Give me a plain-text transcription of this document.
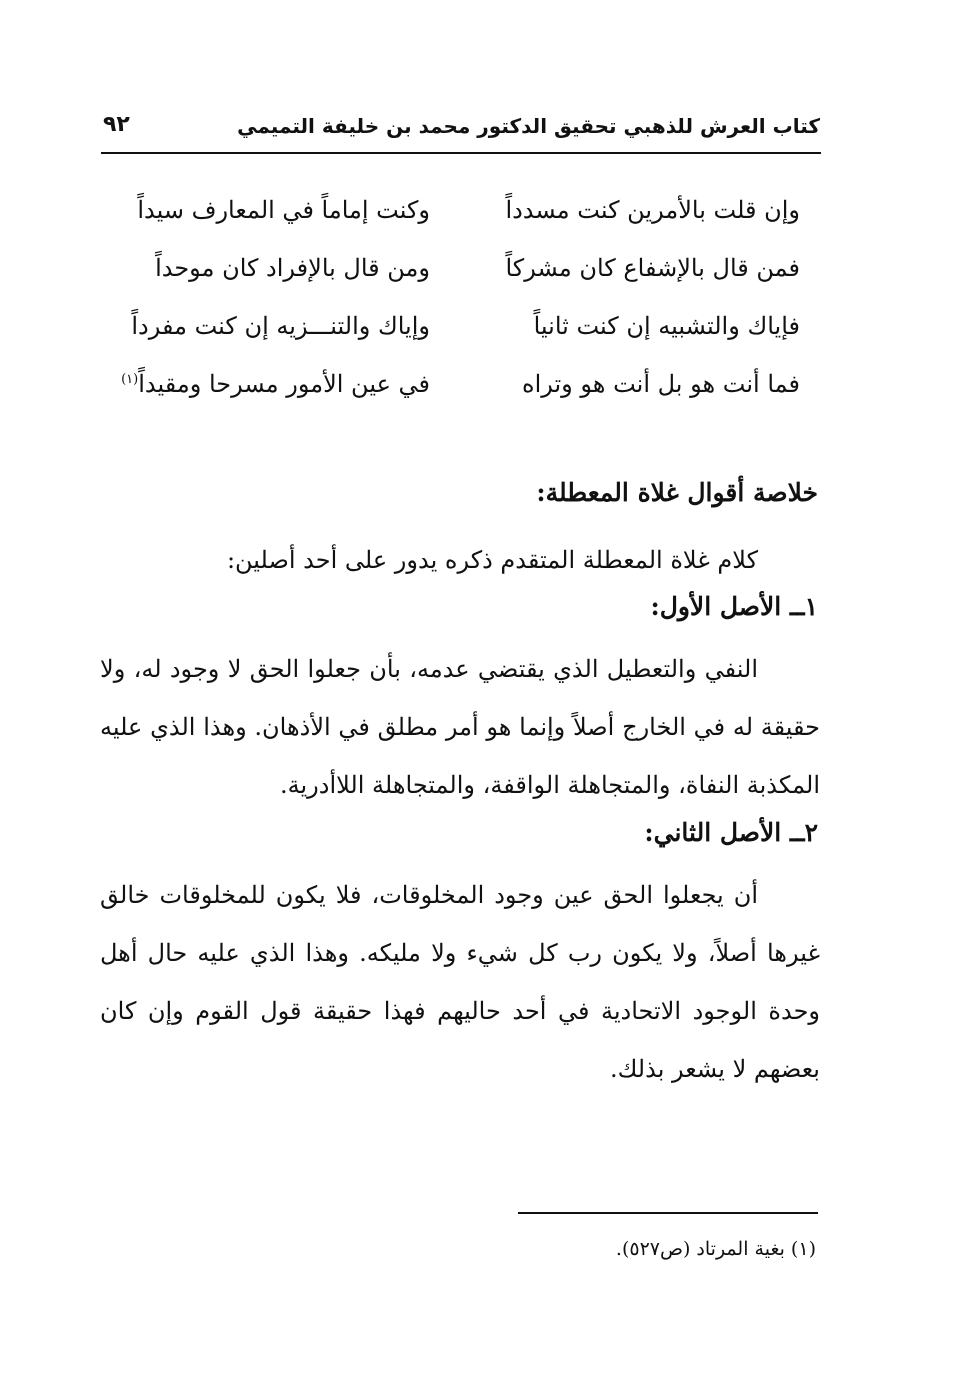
كتاب العرش للذهبي تحقيق الدكتور محمد بن خليفة التميمي
٩٢
وإن قلت بالأمرين كنت مسدداً
وكنت إماماً في المعارف سيداً
فمن قال بالإشفاع كان مشركاً
ومن قال بالإفراد كان موحداً
فإياك والتشبيه إن كنت ثانياً
وإياك والتنـــزيه إن كنت مفرداً
فما أنت هو بل أنت هو وتراه
في عين الأمور مسرحا ومقيداً$^{(١)}$
خلاصة أقوال غلاة المعطلة:
كلام غلاة المعطلة المتقدم ذكره يدور على أحد أصلين:
١ــ الأصل الأول:
النفي والتعطيل الذي يقتضي عدمه، بأن جعلوا الحق لا وجود له، ولا حقيقة له في الخارج أصلاً وإنما هو أمر مطلق في الأذهان. وهذا الذي عليه المكذبة النفاة، والمتجاهلة الواقفة، والمتجاهلة اللاأدرية.
٢ــ الأصل الثاني:
أن يجعلوا الحق عين وجود المخلوقات، فلا يكون للمخلوقات خالق غيرها أصلاً، ولا يكون رب كل شيء ولا مليكه. وهذا الذي عليه حال أهل وحدة الوجود الاتحادية في أحد حاليهم فهذا حقيقة قول القوم وإن كان بعضهم لا يشعر بذلك.
(١) بغية المرتاد (ص٥٢٧).
